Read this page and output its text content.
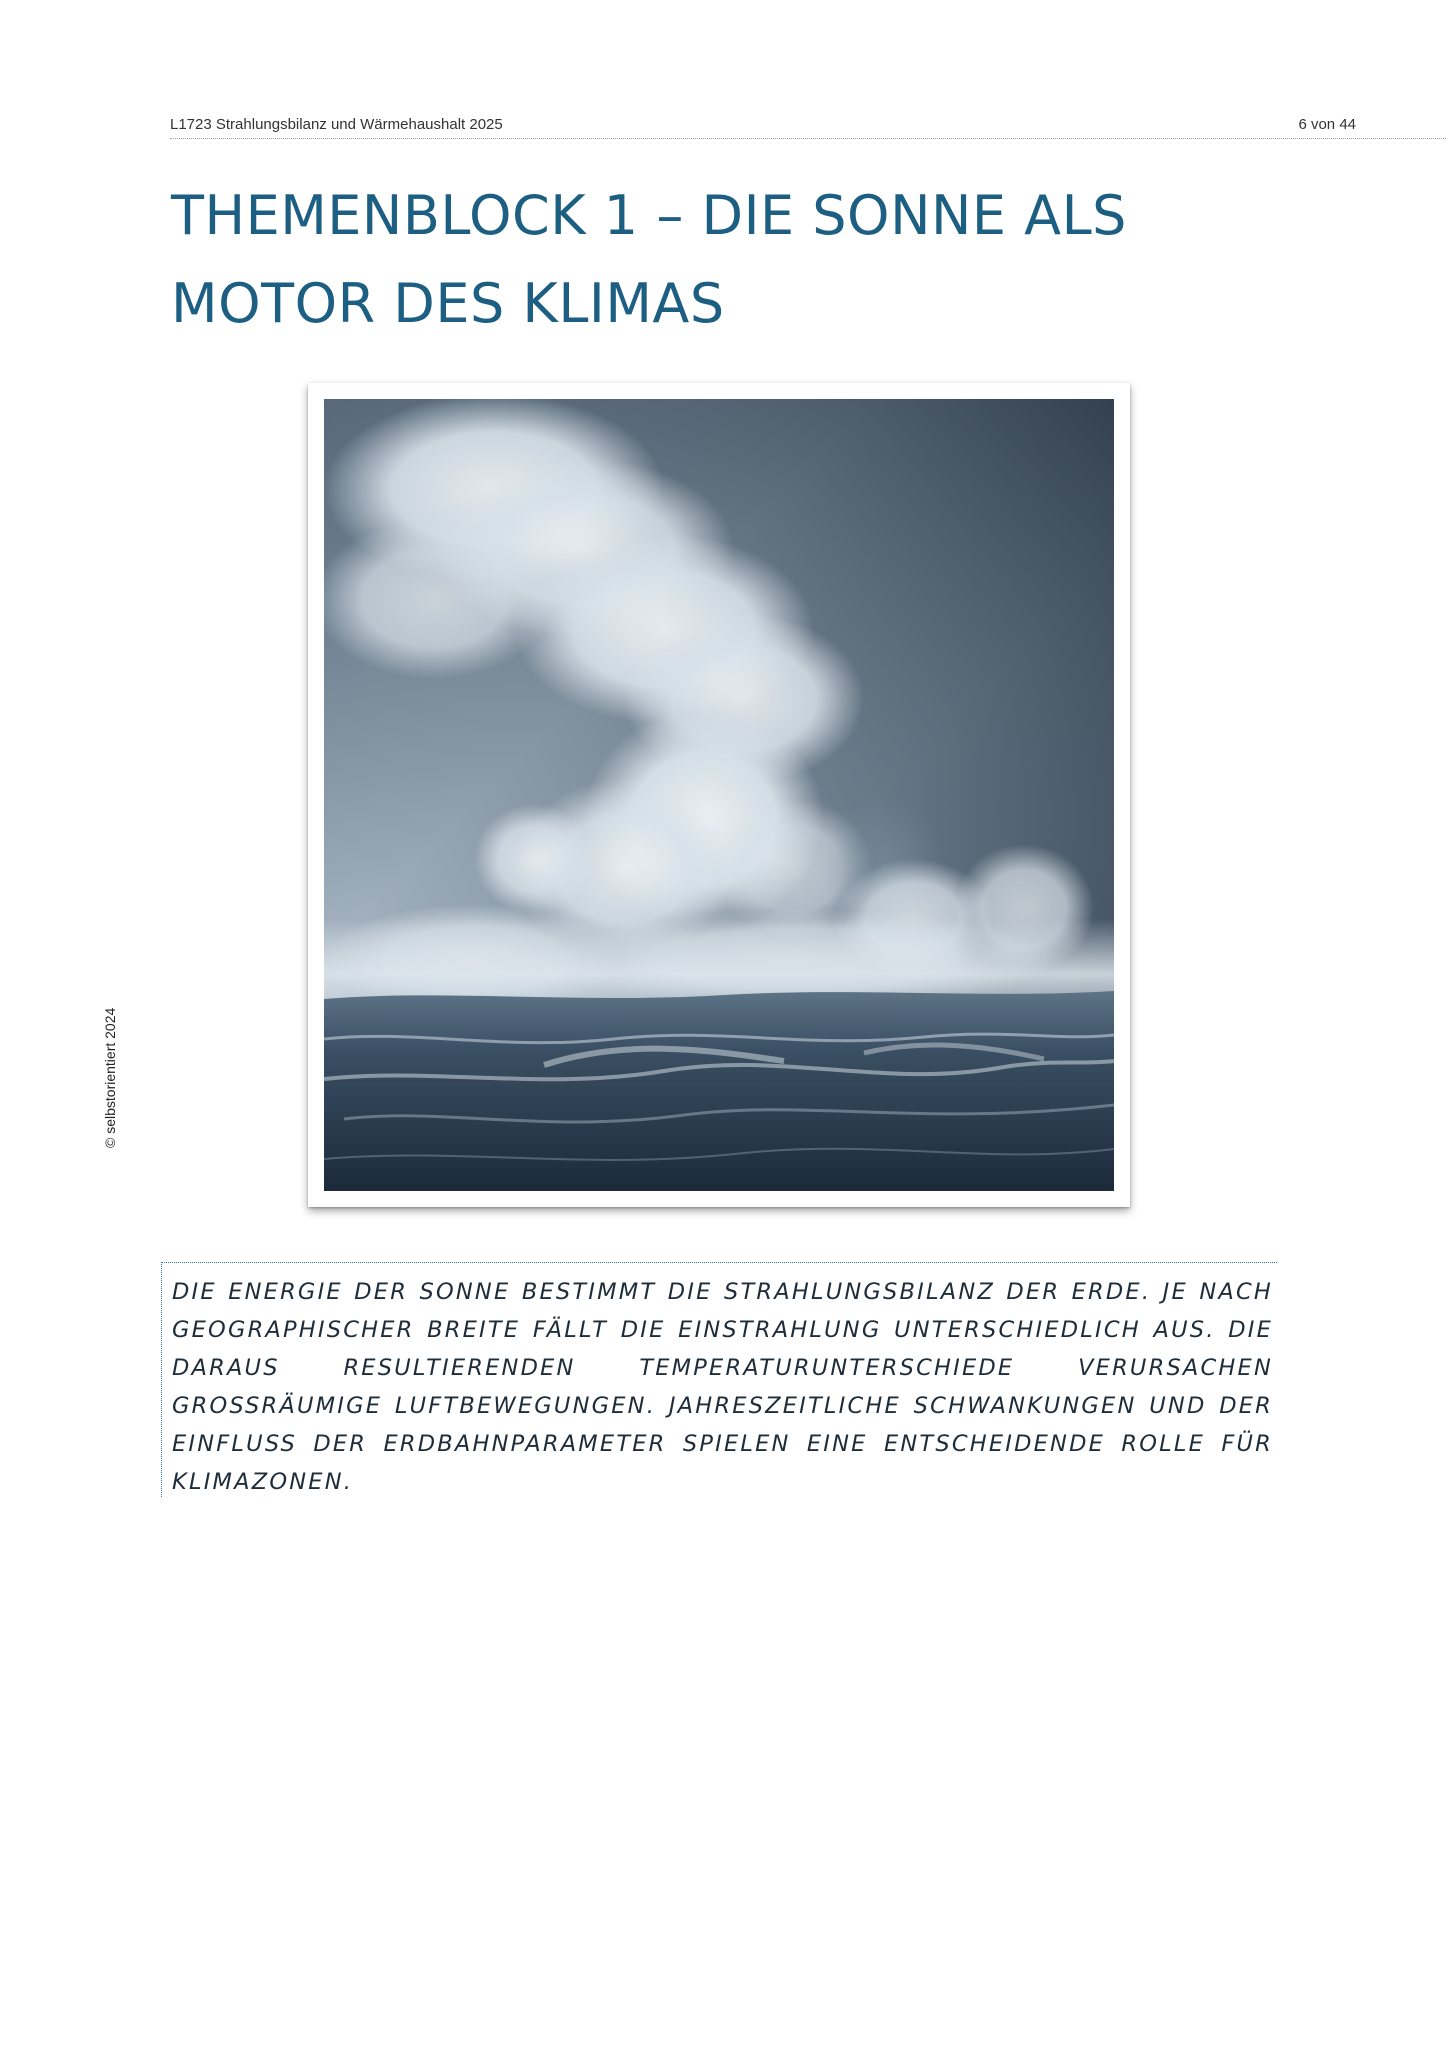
L1723 Strahlungsbilanz und Wärmehaushalt 2025	6 von 44
THEMENBLOCK 1 – DIE SONNE ALS MOTOR DES KLIMAS
© selbstorientiert 2024

DIE ENERGIE DER SONNE BESTIMMT DIE STRAHLUNGSBILANZ DER ERDE. JE NACH GEOGRAPHISCHER BREITE FÄLLT DIE EINSTRAHLUNG UNTERSCHIEDLICH AUS. DIE DARAUS RESULTIERENDEN TEMPERATURUNTERSCHIEDE VERURSACHEN GROSSRÄUMIGE LUFTBEWEGUNGEN. JAHRESZEITLICHE SCHWANKUNGEN UND DER EINFLUSS DER ERDBAHNPARAMETER SPIELEN EINE ENTSCHEIDENDE ROLLE FÜR KLIMAZONEN.
